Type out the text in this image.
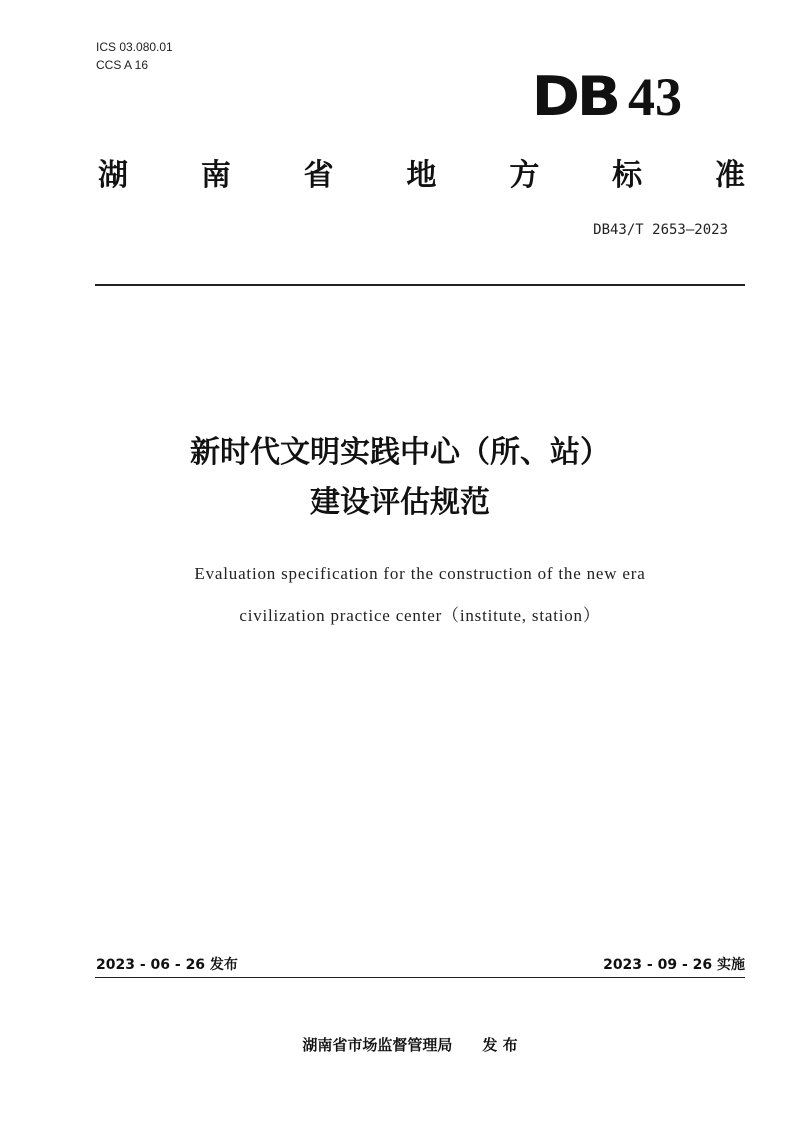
ICS 03.080.01
CCS A 16	DB 43
湖 南 省 地 方 标 准
DB43/T 2653—2023
新时代文明实践中心（所、站）
建设评估规范
Evaluation specification for the construction of the new era
civilization practice center（institute, station）
2023 - 06 - 26 发布	2023 - 09 - 26 实施
湖南省市场监督管理局　　发 布
